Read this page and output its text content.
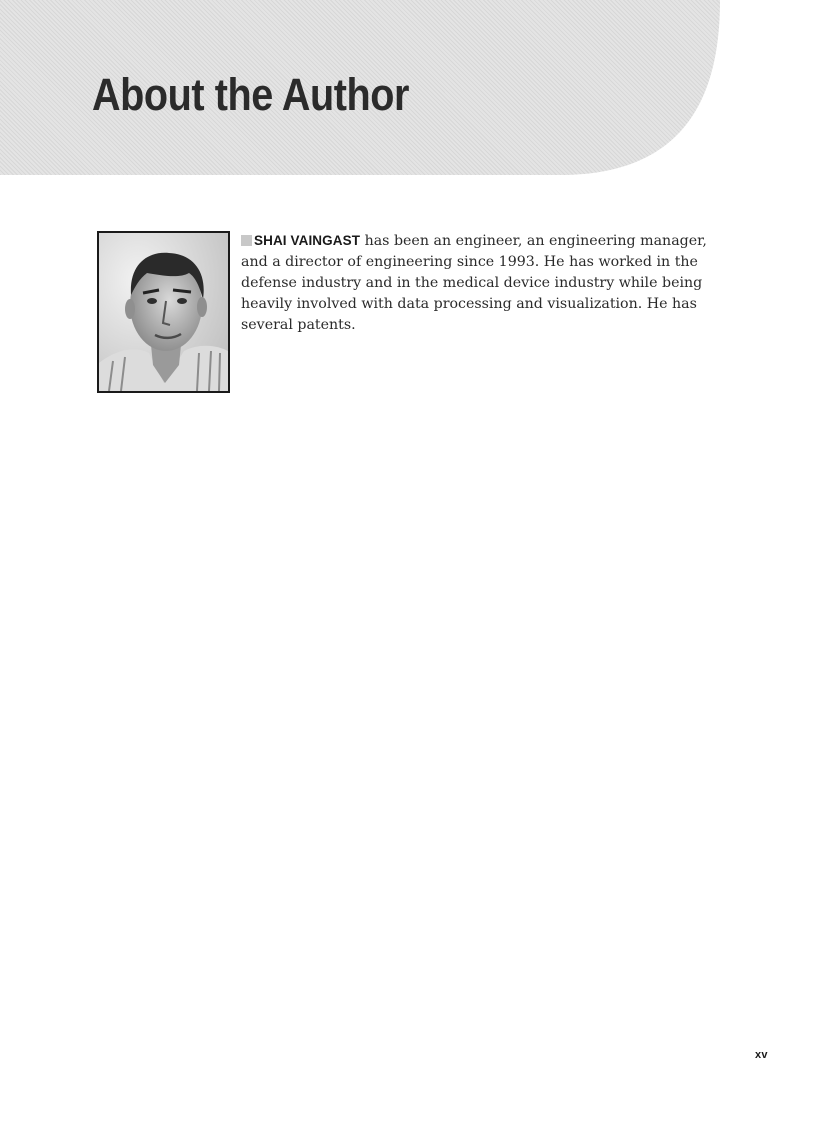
About the Author

SHAI VAINGAST has been an engineer, an engineering manager, and a director of engineering since 1993. He has worked in the defense industry and in the medical device industry while being heavily involved with data processing and visualization. He has several patents.

xv
